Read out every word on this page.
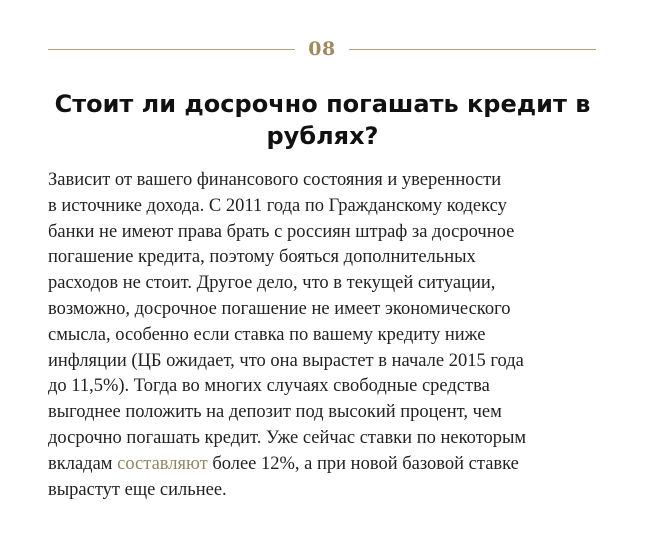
08
Стоит ли досрочно погашать кредит в
рублях?

Зависит от вашего финансового состояния и уверенности
в источнике дохода. С 2011 года по Гражданскому кодексу
банки не имеют права брать с россиян штраф за досрочное
погашение кредита, поэтому бояться дополнительных
расходов не стоит. Другое дело, что в текущей ситуации,
возможно, досрочное погашение не имеет экономического
смысла, особенно если ставка по вашему кредиту ниже
инфляции (ЦБ ожидает, что она вырастет в начале 2015 года
до 11,5%). Тогда во многих случаях свободные средства
выгоднее положить на депозит под высокий процент, чем
досрочно погашать кредит. Уже сейчас ставки по некоторым
вкладам составляют более 12%, а при новой базовой ставке
вырастут еще сильнее.
